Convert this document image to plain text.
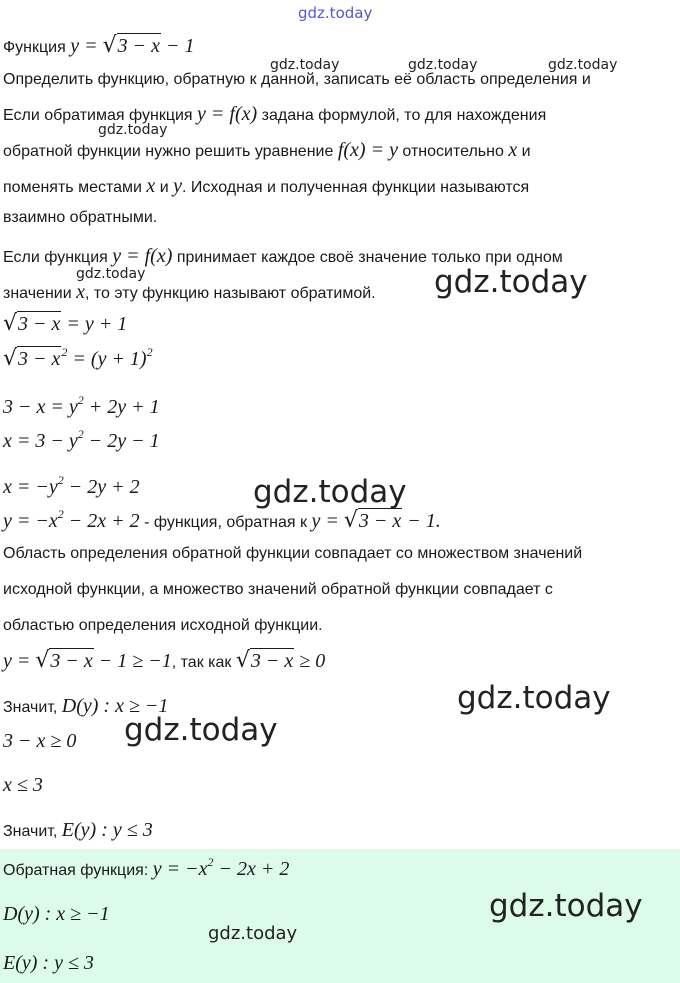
Функция y = √3 − x − 1
Определить функцию, обратную к данной, записать её область определения и
Если обратимая функция y = f(x) задана формулой, то для нахождения
обратной функции нужно решить уравнение f(x) = y относительно x и
поменять местами x и y. Исходная и полученная функции называются
взаимно обратными.
Если функция y = f(x) принимает каждое своё значение только при одном
значении x, то эту функцию называют обратимой.
√3 − x = y + 1
$√3 - x^2 = (y + 1)^2$
$3 - x = y^2 + 2y + 1$
$x = 3 - y^2 - 2y - 1$
$x = -y^2 - 2y + 2$
$y = -x^2 - 2x + 2$ - функция, обратная к y = √3 − x − 1.
Область определения обратной функции совпадает со множеством значений
исходной функции, а множество значений обратной функции совпадает с
областью определения исходной функции.
y = √3 − x − 1 ≥ −1, так как √3 − x ≥ 0
Значит, D(y) : x ≥ −1
3 − x ≥ 0
x ≤ 3
Значит, E(y) : y ≤ 3
Обратная функция: $y = -x^2 - 2x + 2$
D(y) : x ≥ −1
E(y) : y ≤ 3
gdz.today
gdz.today	gdz.today	gdz.today
gdz.today
gdz.today	gdz.today
gdz.today
gdz.today
gdz.today
gdz.today
gdz.today
